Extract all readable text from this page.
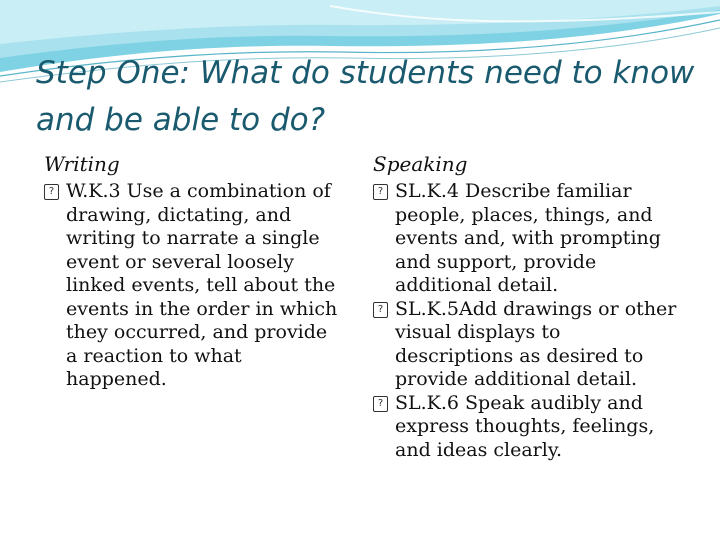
Step One: What do students need to know and be able to do?
Writing
? W.K.3 Use a combination of drawing, dictating, and writing to narrate a single event or several loosely linked events, tell about the events in the order in which they occurred, and provide a reaction to what happened.
Speaking
? SL.K.4 Describe familiar people, places, things, and events and, with prompting and support, provide additional detail.
? SL.K.5Add drawings or other visual displays to descriptions as desired to provide additional detail.
? SL.K.6 Speak audibly and express thoughts, feelings, and ideas clearly.
